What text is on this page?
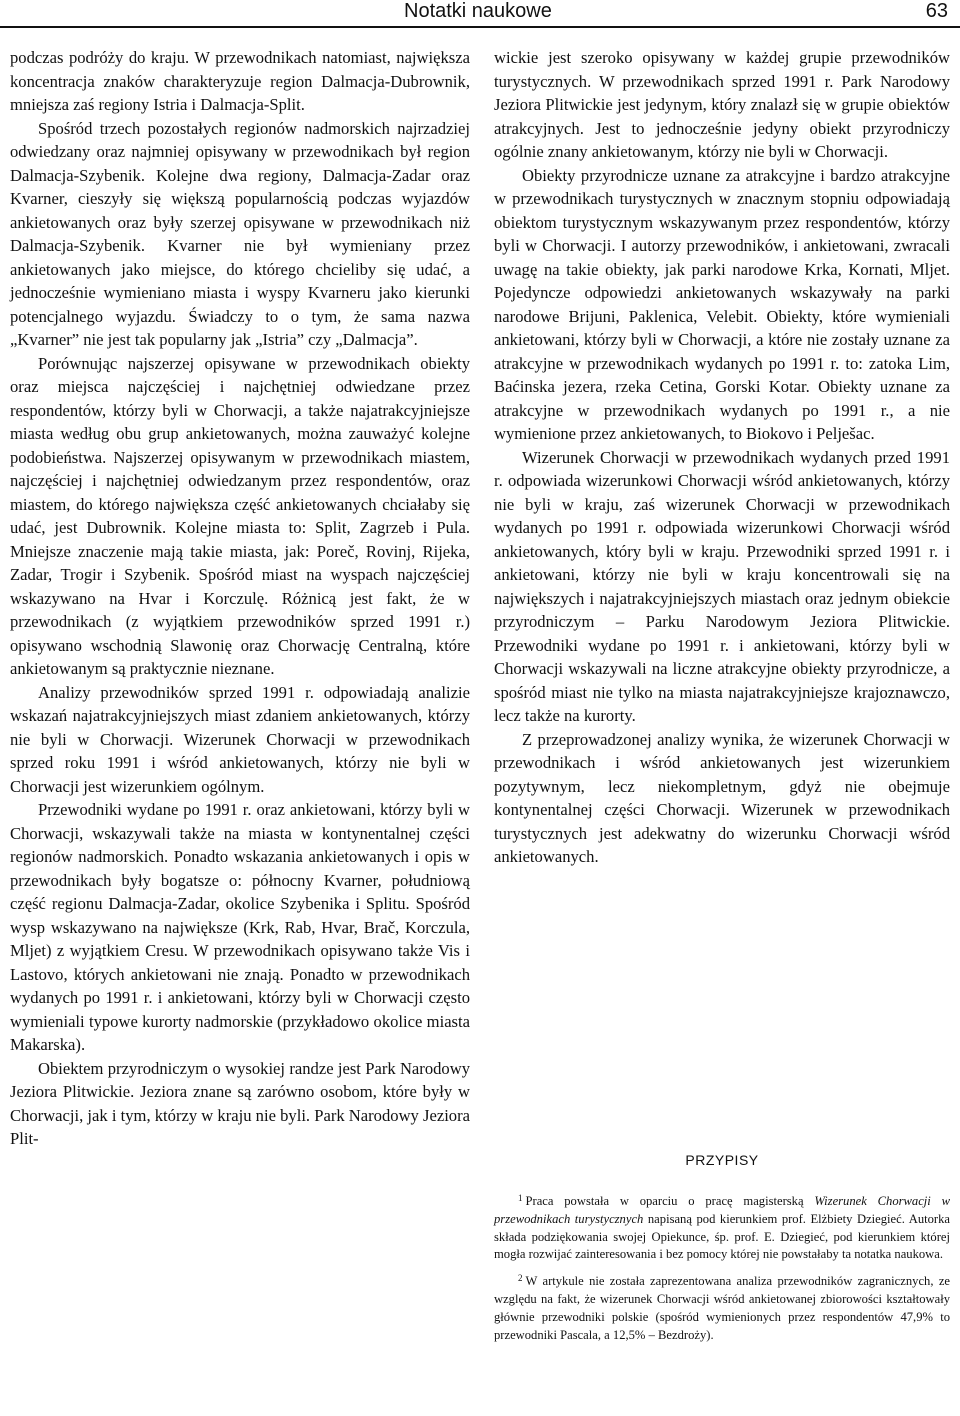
Notatki naukowe	63

podczas podróży do kraju. W przewodnikach natomiast, największa koncentracja znaków charakteryzuje region Dalmacja-Dubrownik, mniejsza zaś regiony Istria i Dalmacja-Split.

Spośród trzech pozostałych regionów nadmorskich najrzadziej odwiedzany oraz najmniej opisywany w przewodnikach był region Dalmacja-Szybenik. Kolejne dwa regiony, Dalmacja-Zadar oraz Kvarner, cieszyły się większą popularnością podczas wyjazdów ankietowanych oraz były szerzej opisywane w przewodnikach niż Dalmacja-Szybenik. Kvarner nie był wymieniany przez ankietowanych jako miejsce, do którego chcieliby się udać, a jednocześnie wymieniano miasta i wyspy Kvarneru jako kierunki potencjalnego wyjazdu. Świadczy to o tym, że sama nazwa „Kvarner” nie jest tak popularny jak „Istria” czy „Dalmacja”.

Porównując najszerzej opisywane w przewodnikach obiekty oraz miejsca najczęściej i najchętniej odwiedzane przez respondentów, którzy byli w Chorwacji, a także najatrakcyjniejsze miasta według obu grup ankietowanych, można zauważyć kolejne podobieństwa. Najszerzej opisywanym w przewodnikach miastem, najczęściej i najchętniej odwiedzanym przez respondentów, oraz miastem, do którego największa część ankietowanych chciałaby się udać, jest Dubrownik. Kolejne miasta to: Split, Zagrzeb i Pula. Mniejsze znaczenie mają takie miasta, jak: Poreč, Rovinj, Rijeka, Zadar, Trogir i Szybenik. Spośród miast na wyspach najczęściej wskazywano na Hvar i Korczulę. Różnicą jest fakt, że w przewodnikach (z wyjątkiem przewodników sprzed 1991 r.) opisywano wschodnią Slawonię oraz Chorwację Centralną, które ankietowanym są praktycznie nieznane.

Analizy przewodników sprzed 1991 r. odpowiadają analizie wskazań najatrakcyjniejszych miast zdaniem ankietowanych, którzy nie byli w Chorwacji. Wizerunek Chorwacji w przewodnikach sprzed roku 1991 i wśród ankietowanych, którzy nie byli w Chorwacji jest wizerunkiem ogólnym.

Przewodniki wydane po 1991 r. oraz ankietowani, którzy byli w Chorwacji, wskazywali także na miasta w kontynentalnej części regionów nadmorskich. Ponadto wskazania ankietowanych i opis w przewodnikach były bogatsze o: północny Kvarner, południową część regionu Dalmacja-Zadar, okolice Szybenika i Splitu. Spośród wysp wskazywano na największe (Krk, Rab, Hvar, Brač, Korczula, Mljet) z wyjątkiem Cresu. W przewodnikach opisywano także Vis i Lastovo, których ankietowani nie znają. Ponadto w przewodnikach wydanych po 1991 r. i ankietowani, którzy byli w Chorwacji często wymieniali typowe kurorty nadmorskie (przykładowo okolice miasta Makarska).

Obiektem przyrodniczym o wysokiej randze jest Park Narodowy Jeziora Plitwickie. Jeziora znane są zarówno osobom, które były w Chorwacji, jak i tym, którzy w kraju nie byli. Park Narodowy Jeziora Plit-

wickie jest szeroko opisywany w każdej grupie przewodników turystycznych. W przewodnikach sprzed 1991 r. Park Narodowy Jeziora Plitwickie jest jedynym, który znalazł się w grupie obiektów atrakcyjnych. Jest to jednocześnie jedyny obiekt przyrodniczy ogólnie znany ankietowanym, którzy nie byli w Chorwacji.

Obiekty przyrodnicze uznane za atrakcyjne i bardzo atrakcyjne w przewodnikach turystycznych w znacznym stopniu odpowiadają obiektom turystycznym wskazywanym przez respondentów, którzy byli w Chorwacji. I autorzy przewodników, i ankietowani, zwracali uwagę na takie obiekty, jak parki narodowe Krka, Kornati, Mljet. Pojedyncze odpowiedzi ankietowanych wskazywały na parki narodowe Brijuni, Paklenica, Velebit. Obiekty, które wymieniali ankietowani, którzy byli w Chorwacji, a które nie zostały uznane za atrakcyjne w przewodnikach wydanych po 1991 r. to: zatoka Lim, Baćinska jezera, rzeka Cetina, Gorski Kotar. Obiekty uznane za atrakcyjne w przewodnikach wydanych po 1991 r., a nie wymienione przez ankietowanych, to Biokovo i Pelješac.

Wizerunek Chorwacji w przewodnikach wydanych przed 1991 r. odpowiada wizerunkowi Chorwacji wśród ankietowanych, którzy nie byli w kraju, zaś wizerunek Chorwacji w przewodnikach wydanych po 1991 r. odpowiada wizerunkowi Chorwacji wśród ankietowanych, który byli w kraju. Przewodniki sprzed 1991 r. i ankietowani, którzy nie byli w kraju koncentrowali się na największych i najatrakcyjniejszych miastach oraz jednym obiekcie przyrodniczym – Parku Narodowym Jeziora Plitwickie. Przewodniki wydane po 1991 r. i ankietowani, którzy byli w Chorwacji wskazywali na liczne atrakcyjne obiekty przyrodnicze, a spośród miast nie tylko na miasta najatrakcyjniejsze krajoznawczo, lecz także na kurorty.

Z przeprowadzonej analizy wynika, że wizerunek Chorwacji w przewodnikach i wśród ankietowanych jest wizerunkiem pozytywnym, lecz niekompletnym, gdyż nie obejmuje kontynentalnej części Chorwacji. Wizerunek w przewodnikach turystycznych jest adekwatny do wizerunku Chorwacji wśród ankietowanych.

PRZYPISY

$^1$ Praca powstała w oparciu o pracę magisterską Wizerunek Chorwacji w przewodnikach turystycznych napisaną pod kierunkiem prof. Elżbiety Dziegieć. Autorka składa podziękowania swojej Opiekunce, śp. prof. E. Dziegieć, pod kierunkiem której mogła rozwijać zainteresowania i bez pomocy której nie powstałaby ta notatka naukowa.

$^2$ W artykule nie została zaprezentowana analiza przewodników zagranicznych, ze względu na fakt, że wizerunek Chorwacji wśród ankietowanej zbiorowości kształtowały głównie przewodniki polskie (spośród wymienionych przez respondentów 47,9% to przewodniki Pascala, a 12,5% – Bezdroży).
